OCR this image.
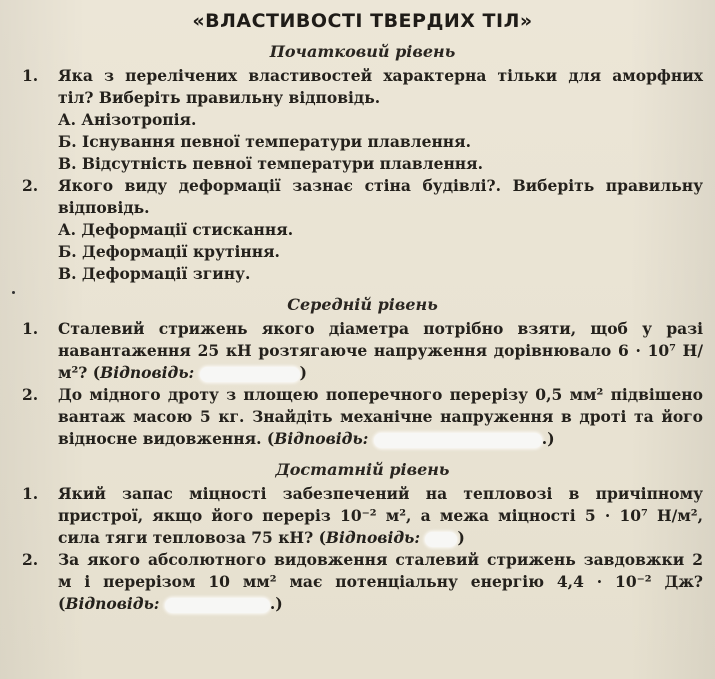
«ВЛАСТИВОСТІ ТВЕРДИХ ТІЛ»
Початковий рівень
1.	Яка з перелічених властивостей характерна тільки для аморфних тіл? Виберіть правильну відповідь.
А. Анізотропія.
Б. Існування певної температури плавлення.
В. Відсутність певної температури плавлення.
2.	Якого виду деформації зазнає стіна будівлі?. Виберіть правильну відповідь.
А. Деформації стискання.
Б. Деформації крутіння.
В. Деформації згину.
Середній рівень
1.	Сталевий стрижень якого діаметра потрібно взяти, щоб у разі навантаження 25 кН розтягаюче напруження дорівнювало 6 · 10⁷ Н/м²? (Відповідь:	)
2.	До мідного дроту з площею поперечного перерізу 0,5 мм² підвішено вантаж масою 5 кг. Знайдіть механічне напруження в дроті та його відносне видовження. (Відповідь:	.)
Достатній рівень
1.	Який запас міцності забезпечений на тепловозі в причіпному пристрої, якщо його переріз 10⁻² м², а межа міцності 5 · 10⁷ Н/м², сила тяги тепловоза 75 кН? (Відповідь: )
2.	За якого абсолютного видовження сталевий стрижень завдовжки 2 м і перерізом 10 мм² має потенціальну енергію 4,4 · 10⁻² Дж? (Відповідь:	.)
